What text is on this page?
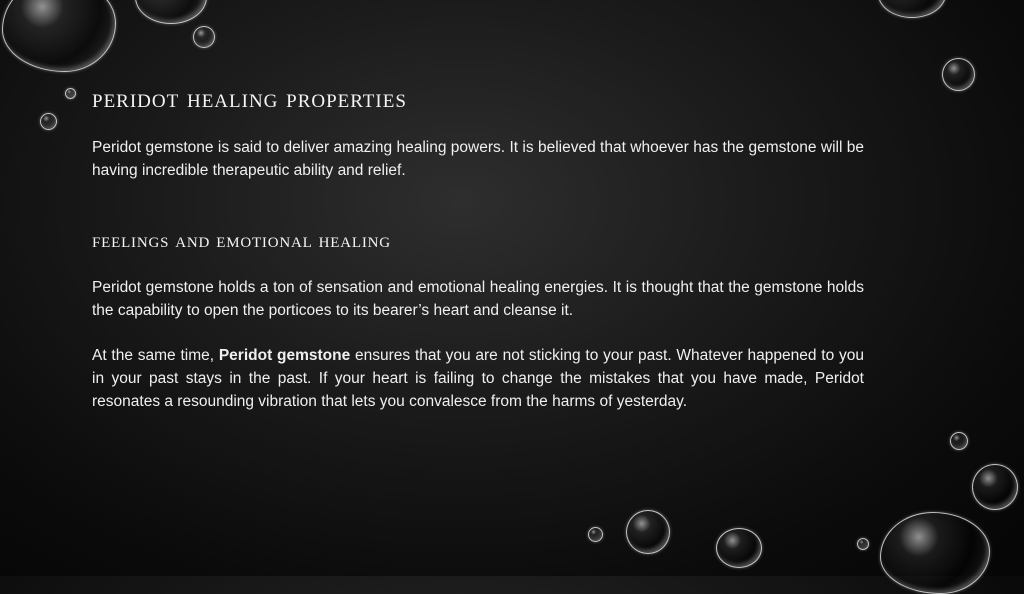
peridot healing properties

Peridot gemstone is said to deliver amazing healing powers. It is believed that whoever has the gemstone will be having incredible therapeutic ability and relief.

feelings and emotional healing

Peridot gemstone holds a ton of sensation and emotional healing energies. It is thought that the gemstone holds the capability to open the porticoes to its bearer’s heart and cleanse it.

At the same time, Peridot gemstone ensures that you are not sticking to your past. Whatever happened to you in your past stays in the past. If your heart is failing to change the mistakes that you have made, Peridot resonates a resounding vibration that lets you convalesce from the harms of yesterday.
